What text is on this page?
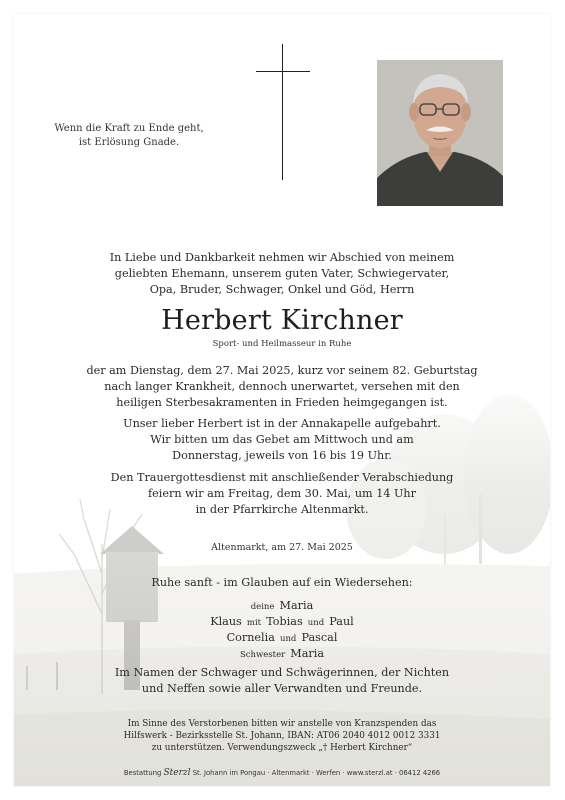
Wenn die Kraft zu Ende geht,
ist Erlösung Gnade.
In Liebe und Dankbarkeit nehmen wir Abschied von meinem
geliebten Ehemann, unserem guten Vater, Schwiegervater,
Opa, Bruder, Schwager, Onkel und Göd, Herrn
Herbert Kirchner
Sport- und Heilmasseur in Ruhe
der am Dienstag, dem 27. Mai 2025, kurz vor seinem 82. Geburtstag
nach langer Krankheit, dennoch unerwartet, versehen mit den
heiligen Sterbesakramenten in Frieden heimgegangen ist.
Unser lieber Herbert ist in der Annakapelle aufgebahrt.
Wir bitten um das Gebet am Mittwoch und am
Donnerstag, jeweils von 16 bis 19 Uhr.
Den Trauergottesdienst mit anschließender Verabschiedung
feiern wir am Freitag, dem 30. Mai, um 14 Uhr
in der Pfarrkirche Altenmarkt.
Altenmarkt, am 27. Mai 2025
Ruhe sanft - im Glauben auf ein Wiedersehen:
deine Maria
Klaus mit Tobias und Paul
Cornelia und Pascal
Schwester Maria
Im Namen der Schwager und Schwägerinnen, der Nichten
und Neffen sowie aller Verwandten und Freunde.
Im Sinne des Verstorbenen bitten wir anstelle von Kranzspenden das
Hilfswerk - Bezirksstelle St. Johann, IBAN: AT06 2040 4012 0012 3331
zu unterstützen. Verwendungszweck „† Herbert Kirchner“
Bestattung Sterzl St. Johann im Pongau · Altenmarkt · Werfen · www.sterzl.at · 06412 4266
